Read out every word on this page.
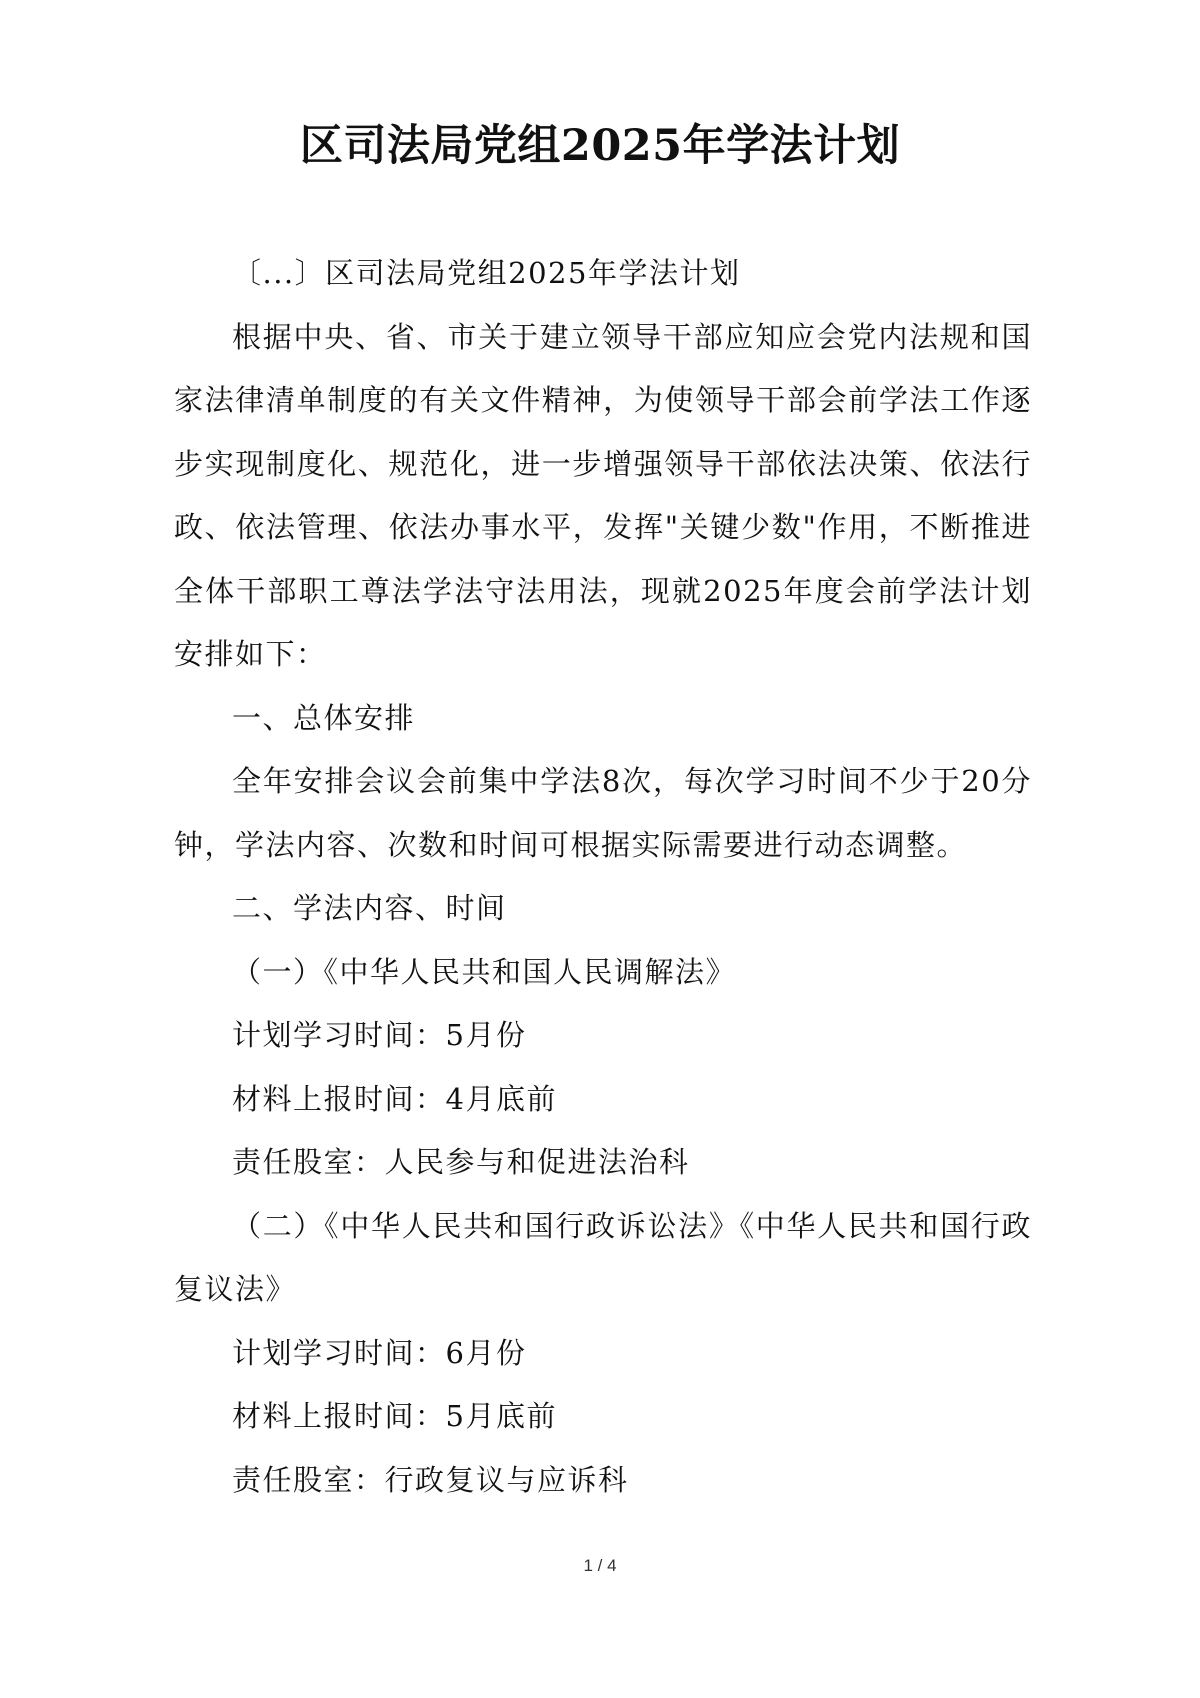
区司法局党组2025年学法计划

〔...〕区司法局党组2025年学法计划

根据中央、省、市关于建立领导干部应知应会党内法规和国家法律清单制度的有关文件精神，为使领导干部会前学法工作逐步实现制度化、规范化，进一步增强领导干部依法决策、依法行政、依法管理、依法办事水平，发挥"关键少数"作用，不断推进全体干部职工尊法学法守法用法，现就2025年度会前学法计划安排如下：

一、总体安排

全年安排会议会前集中学法8次，每次学习时间不少于20分钟，学法内容、次数和时间可根据实际需要进行动态调整。

二、学法内容、时间

（一）《中华人民共和国人民调解法》

计划学习时间：5月份

材料上报时间：4月底前

责任股室：人民参与和促进法治科

（二）《中华人民共和国行政诉讼法》《中华人民共和国行政复议法》

计划学习时间：6月份

材料上报时间：5月底前

责任股室：行政复议与应诉科

1 / 4
